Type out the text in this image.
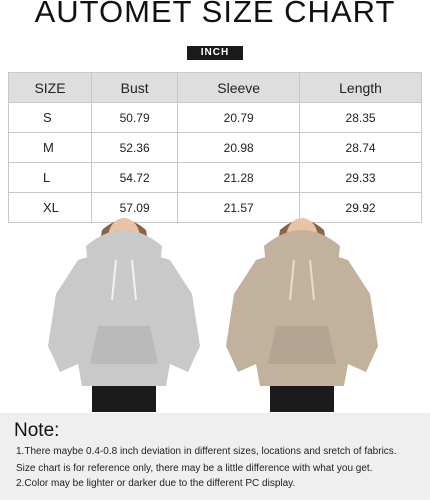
AUTOMET SIZE CHART
INCH
SIZE	Bust	Sleeve	Length
S	50.79	20.79	28.35
M	52.36	20.98	28.74
L	54.72	21.28	29.33
XL	57.09	21.57	29.92
Note:
1.There maybe 0.4-0.8 inch deviation in different sizes, locations and sretch of fabrics.
Size chart is for reference only, there may be a little difference with what you get.
2.Color may be lighter or darker due to the different PC display.
